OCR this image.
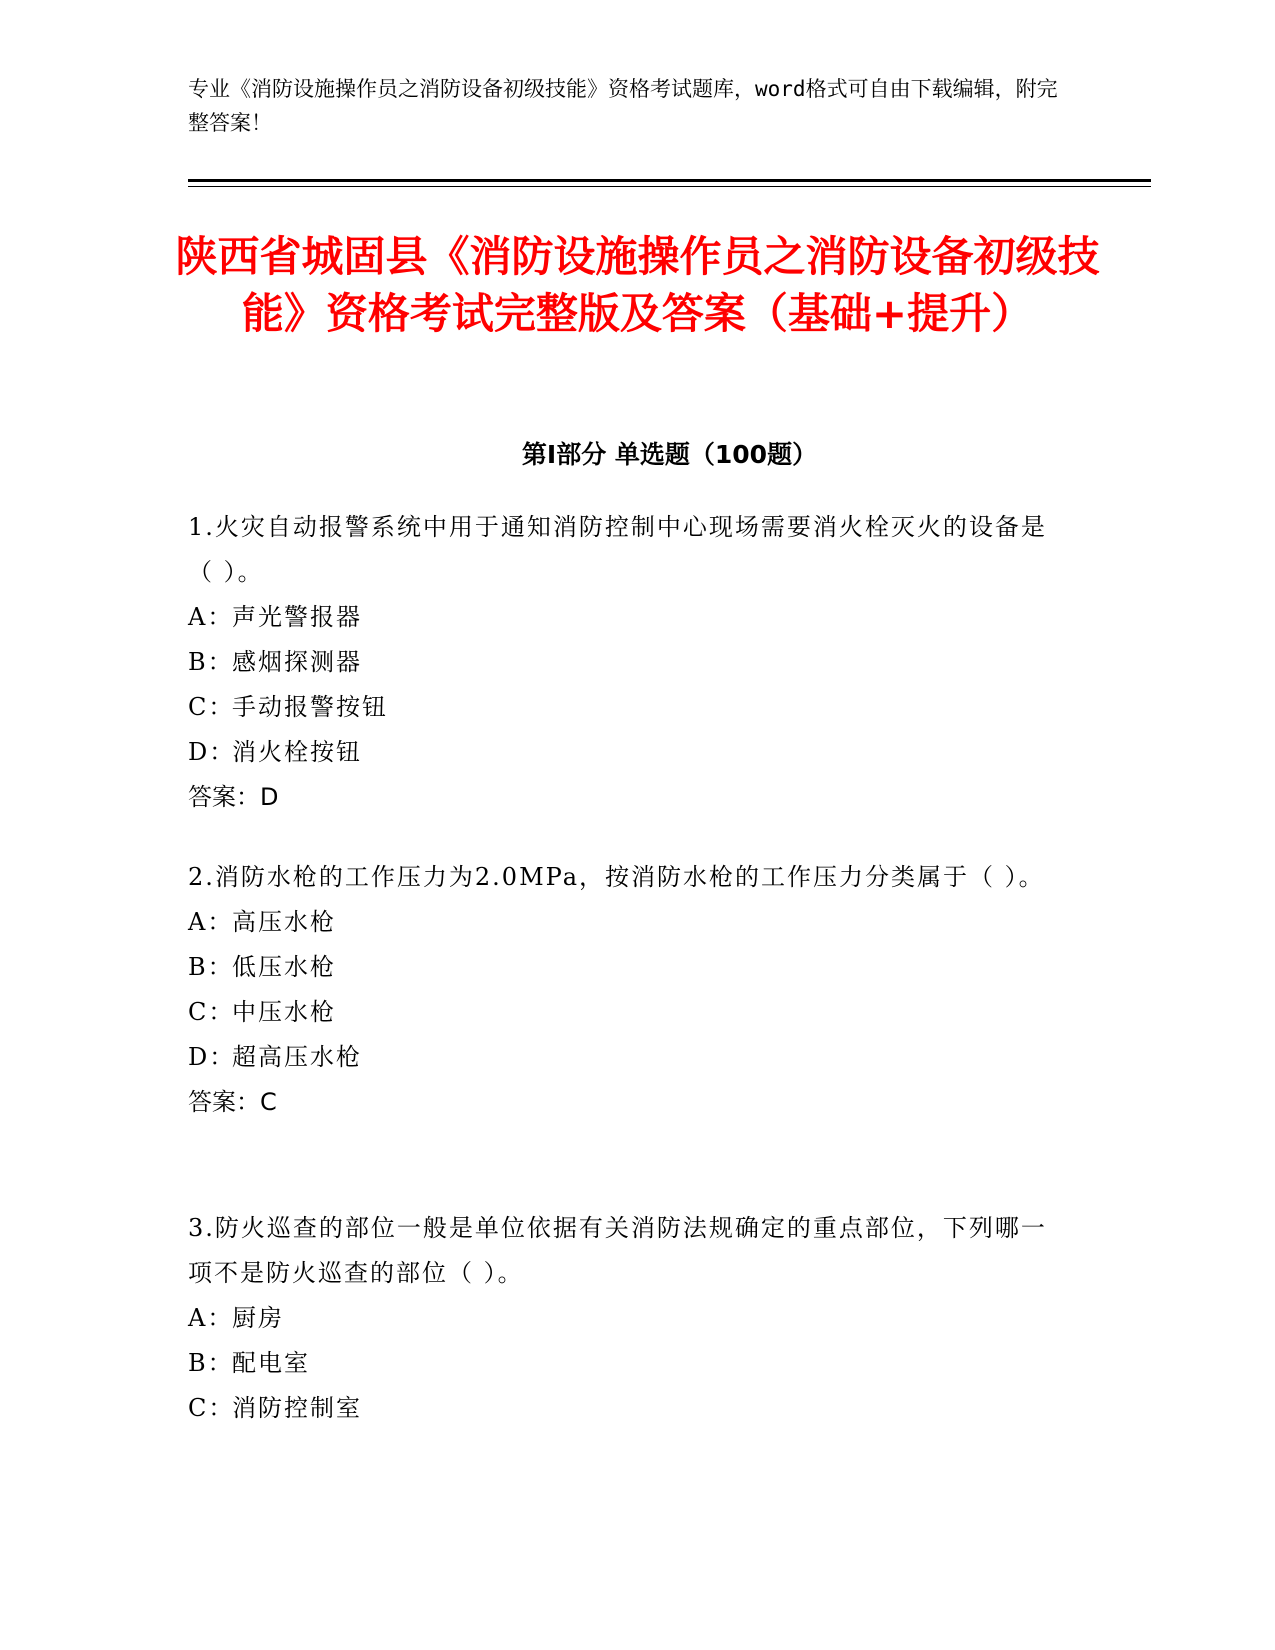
专业《消防设施操作员之消防设备初级技能》资格考试题库，word格式可自由下载编辑，附完整答案！
陕西省城固县《消防设施操作员之消防设备初级技能》资格考试完整版及答案（基础+提升）
第Ⅰ部分 单选题（100题）
1.火灾自动报警系统中用于通知消防控制中心现场需要消火栓灭火的设备是（ ）。
A：声光警报器
B：感烟探测器
C：手动报警按钮
D：消火栓按钮
答案：D
2.消防水枪的工作压力为2.0MPa，按消防水枪的工作压力分类属于（ ）。
A：高压水枪
B：低压水枪
C：中压水枪
D：超高压水枪
答案：C
3.防火巡查的部位一般是单位依据有关消防法规确定的重点部位，下列哪一项不是防火巡查的部位（ ）。
A：厨房
B：配电室
C：消防控制室
